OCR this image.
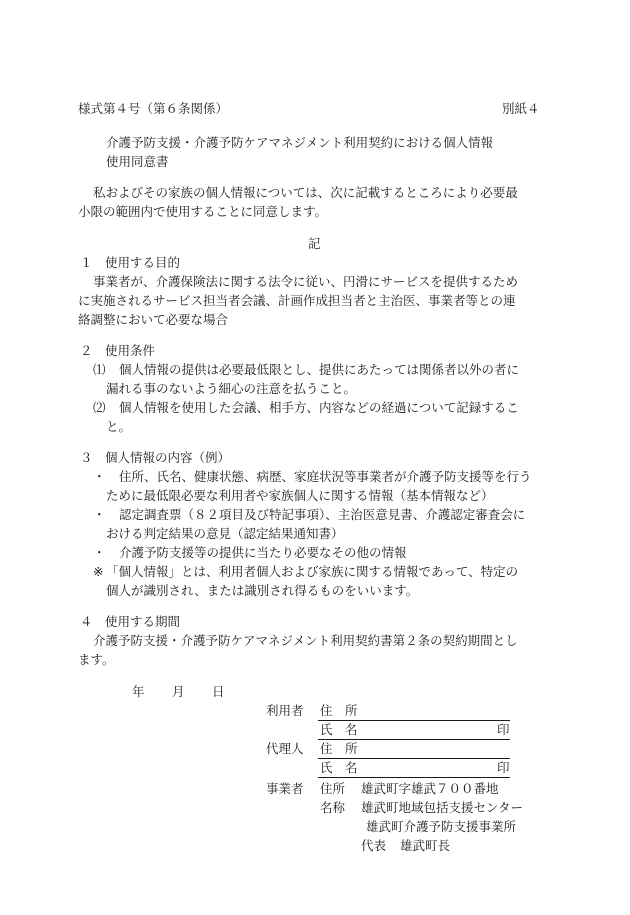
様式第４号（第６条関係）	別紙４
介護予防支援・介護予防ケアマネジメント利用契約における個人情報
使用同意書
私およびその家族の個人情報については、次に記載するところにより必要最
小限の範囲内で使用することに同意します。
記
１　使用する目的
事業者が、介護保険法に関する法令に従い、円滑にサービスを提供するため
に実施されるサービス担当者会議、計画作成担当者と主治医、事業者等との連
絡調整において必要な場合
２　使用条件
⑴ 個人情報の提供は必要最低限とし、提供にあたっては関係者以外の者に
漏れる事のないよう細心の注意を払うこと。
⑵ 個人情報を使用した会議、相手方、内容などの経過について記録するこ
と。
３　個人情報の内容（例）
・ 住所、氏名、健康状態、病歴、家庭状況等事業者が介護予防支援等を行う
ために最低限必要な利用者や家族個人に関する情報（基本情報など）
・ 認定調査票（８２項目及び特記事項）、主治医意見書、介護認定審査会に
おける判定結果の意見（認定結果通知書）
・ 介護予防支援等の提供に当たり必要なその他の情報
※ 「個人情報」とは、利用者個人および家族に関する情報であって、特定の
個人が識別され、または識別され得るものをいいます。
４　使用する期間
介護予防支援・介護予防ケアマネジメント利用契約書第２条の契約期間とし
ます。
年 月 日
利用者 住　所
氏　名	印
代理人 住　所
氏　名	印
事業者 住所 雄武町字雄武７００番地
名称 雄武町地域包括支援センター
雄武町介護予防支援事業所
代表 雄武町長
